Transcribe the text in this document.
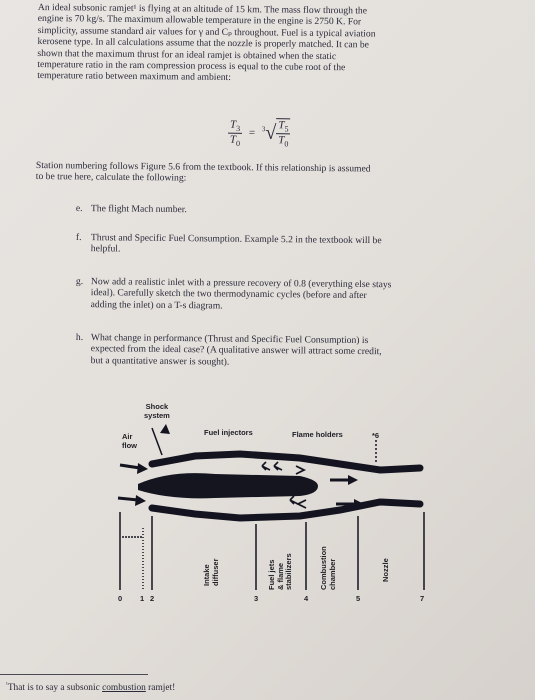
An ideal subsonic ramjet¹ is flying at an altitude of 15 km. The mass flow through the
engine is 70 kg/s. The maximum allowable temperature in the engine is 2750 K. For
simplicity, assume standard air values for γ and Cₚ throughout. Fuel is a typical aviation
kerosene type. In all calculations assume that the nozzle is properly matched. It can be
shown that the maximum thrust for an ideal ramjet is obtained when the static
temperature ratio in the ram compression process is equal to the cube root of the
temperature ratio between maximum and ambient:
$\frac{T_3}{T_0} = ^3√ \frac{T_5}{T_0}$
Station numbering follows Figure 5.6 from the textbook. If this relationship is assumed
to be true here, calculate the following:
e. The flight Mach number.
f. Thrust and Specific Fuel Consumption. Example 5.2 in the textbook will be
helpful.
g. Now add a realistic inlet with a pressure recovery of 0.8 (everything else stays
ideal). Carefully sketch the two thermodynamic cycles (before and after
adding the inlet) on a T-s diagram.
h. What change in performance (Thrust and Specific Fuel Consumption) is
expected from the ideal case? (A qualitative answer will attract some credit,
but a quantitative answer is sought).
Shock
system
Air
flow
Fuel injectors	Flame holders	*6
Intake diffuser	Fuel jets & flame stabilizers	Combustion chamber	Nozzle
0 1 2	3	4	5	7
$^{^1}$That is to say a subsonic combustion ramjet!
